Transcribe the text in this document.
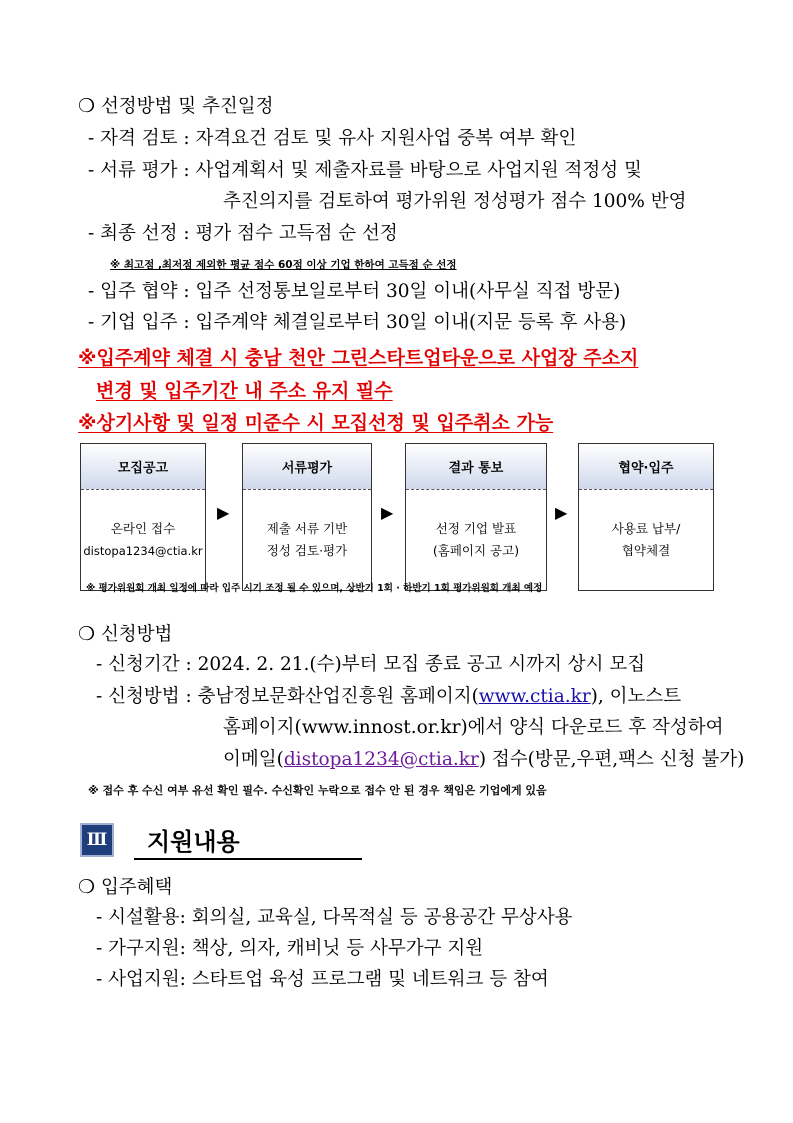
❍ 선정방법 및 추진일정
- 자격 검토 : 자격요건 검토 및 유사 지원사업 중복 여부 확인
- 서류 평가 : 사업계획서 및 제출자료를 바탕으로 사업지원 적정성 및
추진의지를 검토하여 평가위원 정성평가 점수 100% 반영
- 최종 선정 : 평가 점수 고득점 순 선정
※ 최고점 ,최저점 제외한 평균 점수 60점 이상 기업 한하여 고득점 순 선정
- 입주 협약 : 입주 선정통보일로부터 30일 이내(사무실 직접 방문)
- 기업 입주 : 입주계약 체결일로부터 30일 이내(지문 등록 후 사용)
※입주계약 체결 시 충남 천안 그린스타트업타운으로 사업장 주소지
변경 및 입주기간 내 주소 유지 필수
※상기사항 및 일정 미준수 시 모집선정 및 입주취소 가능
모집공고
온라인 접수
distopa1234@ctia.kr
▶
서류평가
제출 서류 기반
정성 검토·평가
▶
결과 통보
선정 기업 발표
(홈페이지 공고)
▶
협약·입주
사용료 납부/
협약체결
※ 평가위원회 개최 일정에 따라 입주 시기 조정 될 수 있으며, 상반기 1회 · 하반기 1회 평가위원회 개최 예정
❍ 신청방법
- 신청기간 : 2024. 2. 21.(수)부터 모집 종료 공고 시까지 상시 모집
- 신청방법 : 충남정보문화산업진흥원 홈페이지(www.ctia.kr), 이노스트
홈페이지(www.innost.or.kr)에서 양식 다운로드 후 작성하여
이메일(distopa1234@ctia.kr) 접수(방문,우편,팩스 신청 불가)
※ 접수 후 수신 여부 유선 확인 필수. 수신확인 누락으로 접수 안 된 경우 책임은 기업에게 있음
Ⅲ 지원내용
❍ 입주혜택
- 시설활용: 회의실, 교육실, 다목적실 등 공용공간 무상사용
- 가구지원: 책상, 의자, 캐비닛 등 사무가구 지원
- 사업지원: 스타트업 육성 프로그램 및 네트워크 등 참여
